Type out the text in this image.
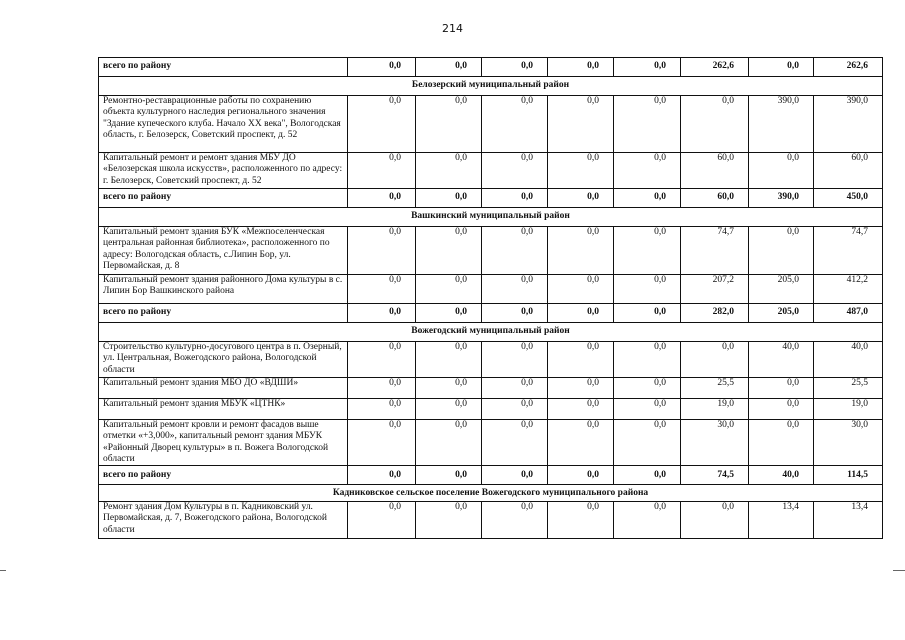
214
всего по району	0,0	0,0	0,0	0,0	0,0	262,6	0,0	262,6
Белозерский муниципальный район								
Ремонтно-реставрационные работы по сохранению объекта культурного наследия регионального значения "Здание купеческого клуба. Начало XX века", Вологодская область, г. Белозерск, Советский проспект, д. 52	0,0	0,0	0,0	0,0	0,0	0,0	390,0	390,0
Капитальный ремонт и ремонт здания МБУ ДО «Белозерская школа искусств», расположенного по адресу: г. Белозерск, Советский проспект, д. 52	0,0	0,0	0,0	0,0	0,0	60,0	0,0	60,0
всего по району	0,0	0,0	0,0	0,0	0,0	60,0	390,0	450,0
Вашкинский муниципальный район								
Капитальный ремонт здания БУК «Межпоселенческая центральная районная библиотека», расположенного по адресу: Вологодская область, с.Липин Бор, ул. Первомайская, д. 8	0,0	0,0	0,0	0,0	0,0	74,7	0,0	74,7
Капитальный ремонт здания районного Дома культуры в с. Липин Бор Вашкинского района	0,0	0,0	0,0	0,0	0,0	207,2	205,0	412,2
всего по району	0,0	0,0	0,0	0,0	0,0	282,0	205,0	487,0
Вожегодский муниципальный район								
Строительство культурно-досугового центра в п. Озерный, ул. Центральная, Вожегодского района, Вологодской области	0,0	0,0	0,0	0,0	0,0	0,0	40,0	40,0
Капитальный ремонт здания МБО ДО «ВДШИ»	0,0	0,0	0,0	0,0	0,0	25,5	0,0	25,5
Капитальный ремонт здания МБУК «ЦТНК»	0,0	0,0	0,0	0,0	0,0	19,0	0,0	19,0
Капитальный ремонт кровли и ремонт фасадов выше отметки «+3,000», капитальный ремонт здания МБУК «Районный Дворец культуры» в п. Вожега Вологодской области	0,0	0,0	0,0	0,0	0,0	30,0	0,0	30,0
всего по району	0,0	0,0	0,0	0,0	0,0	74,5	40,0	114,5
Кадниковское сельское поселение Вожегодского муниципального района								
Ремонт здания Дом Культуры в п. Кадниковский ул. Первомайская, д. 7, Вожегодского района, Вологодской области	0,0	0,0	0,0	0,0	0,0	0,0	13,4	13,4
